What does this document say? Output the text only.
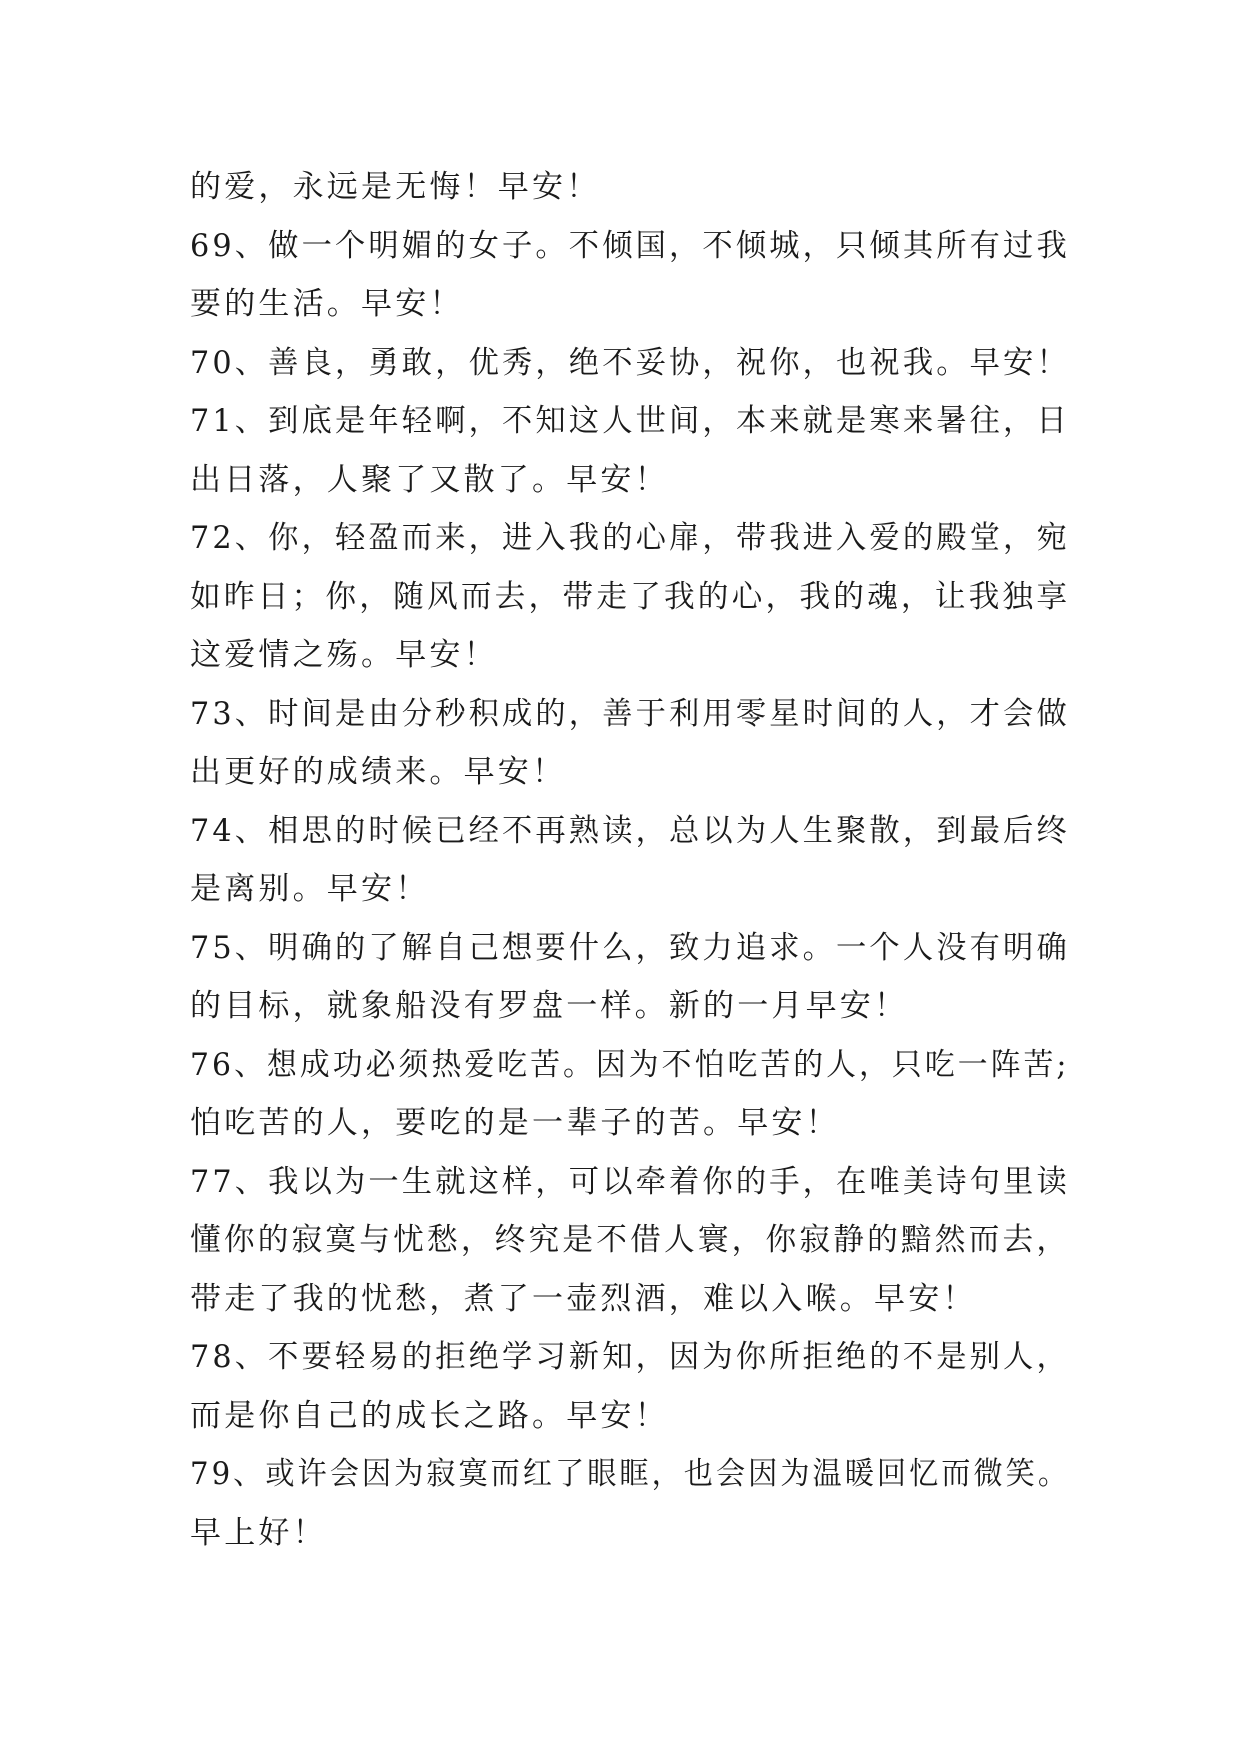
的爱，永远是无悔！早安！
69、做一个明媚的女子。不倾国，不倾城，只倾其所有过我
要的生活。早安！
70、善良，勇敢，优秀，绝不妥协，祝你，也祝我。早安！
71、到底是年轻啊，不知这人世间，本来就是寒来暑往，日
出日落，人聚了又散了。早安！
72、你，轻盈而来，进入我的心扉，带我进入爱的殿堂，宛
如昨日；你，随风而去，带走了我的心，我的魂，让我独享
这爱情之殇。早安！
73、时间是由分秒积成的，善于利用零星时间的人，才会做
出更好的成绩来。早安！
74、相思的时候已经不再熟读，总以为人生聚散，到最后终
是离别。早安！
75、明确的了解自己想要什么，致力追求。一个人没有明确
的目标，就象船没有罗盘一样。新的一月早安！
76、想成功必须热爱吃苦。因为不怕吃苦的人，只吃一阵苦;
怕吃苦的人，要吃的是一辈子的苦。早安！
77、我以为一生就这样，可以牵着你的手，在唯美诗句里读
懂你的寂寞与忧愁，终究是不借人寰，你寂静的黯然而去，
带走了我的忧愁，煮了一壶烈酒，难以入喉。早安！
78、不要轻易的拒绝学习新知，因为你所拒绝的不是别人，
而是你自己的成长之路。早安！
79、或许会因为寂寞而红了眼眶，也会因为温暖回忆而微笑。
早上好！
